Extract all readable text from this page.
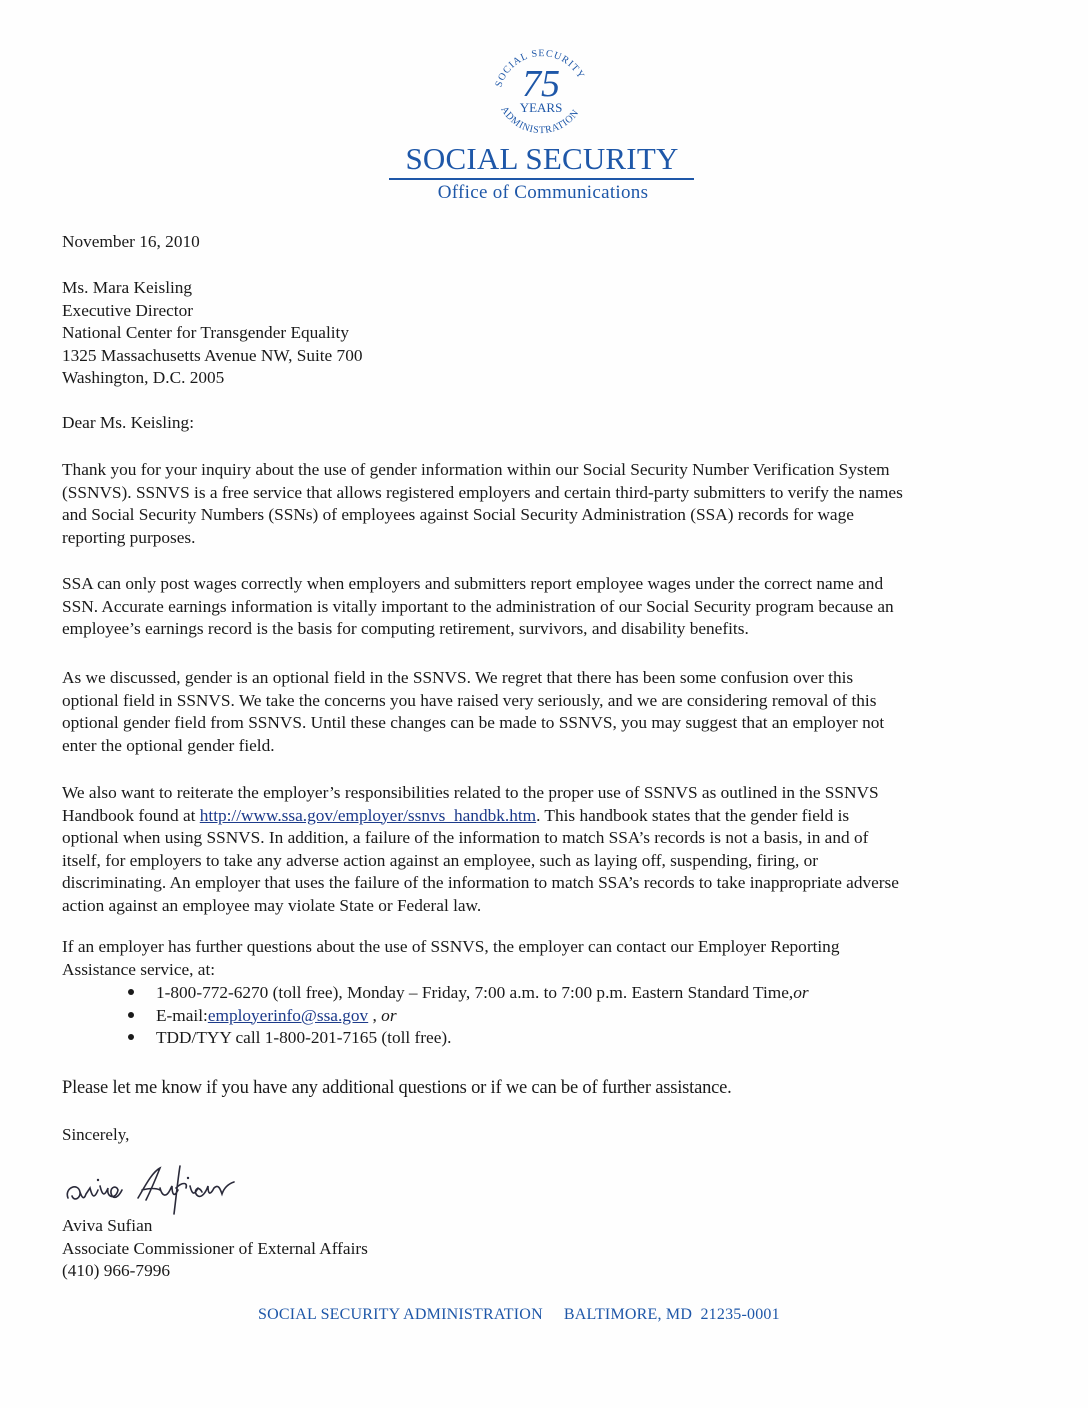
SOCIAL SECURITY
ADMINISTRATION
75
YEARS
SOCIAL SECURITY
Office of Communications
November 16, 2010
Ms. Mara Keisling
Executive Director
National Center for Transgender Equality
1325 Massachusetts Avenue NW, Suite 700
Washington, D.C. 2005
Dear Ms. Keisling:
Thank you for your inquiry about the use of gender information within our Social Security Number Verification System
(SSNVS). SSNVS is a free service that allows registered employers and certain third-party submitters to verify the names
and Social Security Numbers (SSNs) of employees against Social Security Administration (SSA) records for wage
reporting purposes.
SSA can only post wages correctly when employers and submitters report employee wages under the correct name and
SSN. Accurate earnings information is vitally important to the administration of our Social Security program because an
employee’s earnings record is the basis for computing retirement, survivors, and disability benefits.
As we discussed, gender is an optional field in the SSNVS. We regret that there has been some confusion over this
optional field in SSNVS. We take the concerns you have raised very seriously, and we are considering removal of this
optional gender field from SSNVS. Until these changes can be made to SSNVS, you may suggest that an employer not
enter the optional gender field.
We also want to reiterate the employer’s responsibilities related to the proper use of SSNVS as outlined in the SSNVS
Handbook found at http://www.ssa.gov/employer/ssnvs_handbk.htm. This handbook states that the gender field is
optional when using SSNVS. In addition, a failure of the information to match SSA’s records is not a basis, in and of
itself, for employers to take any adverse action against an employee, such as laying off, suspending, firing, or
discriminating. An employer that uses the failure of the information to match SSA’s records to take inappropriate adverse
action against an employee may violate State or Federal law.
If an employer has further questions about the use of SSNVS, the employer can contact our Employer Reporting
Assistance service, at:
1-800-772-6270 (toll free), Monday – Friday, 7:00 a.m. to 7:00 p.m. Eastern Standard Time, or
E-mail: employerinfo@ssa.gov , or
TDD/TYY call 1-800-201-7165 (toll free).
Please let me know if you have any additional questions or if we can be of further assistance.
Sincerely,
Aviva Sufian
Associate Commissioner of External Affairs
(410) 966-7996
SOCIAL SECURITY ADMINISTRATION BALTIMORE, MD  21235-0001
